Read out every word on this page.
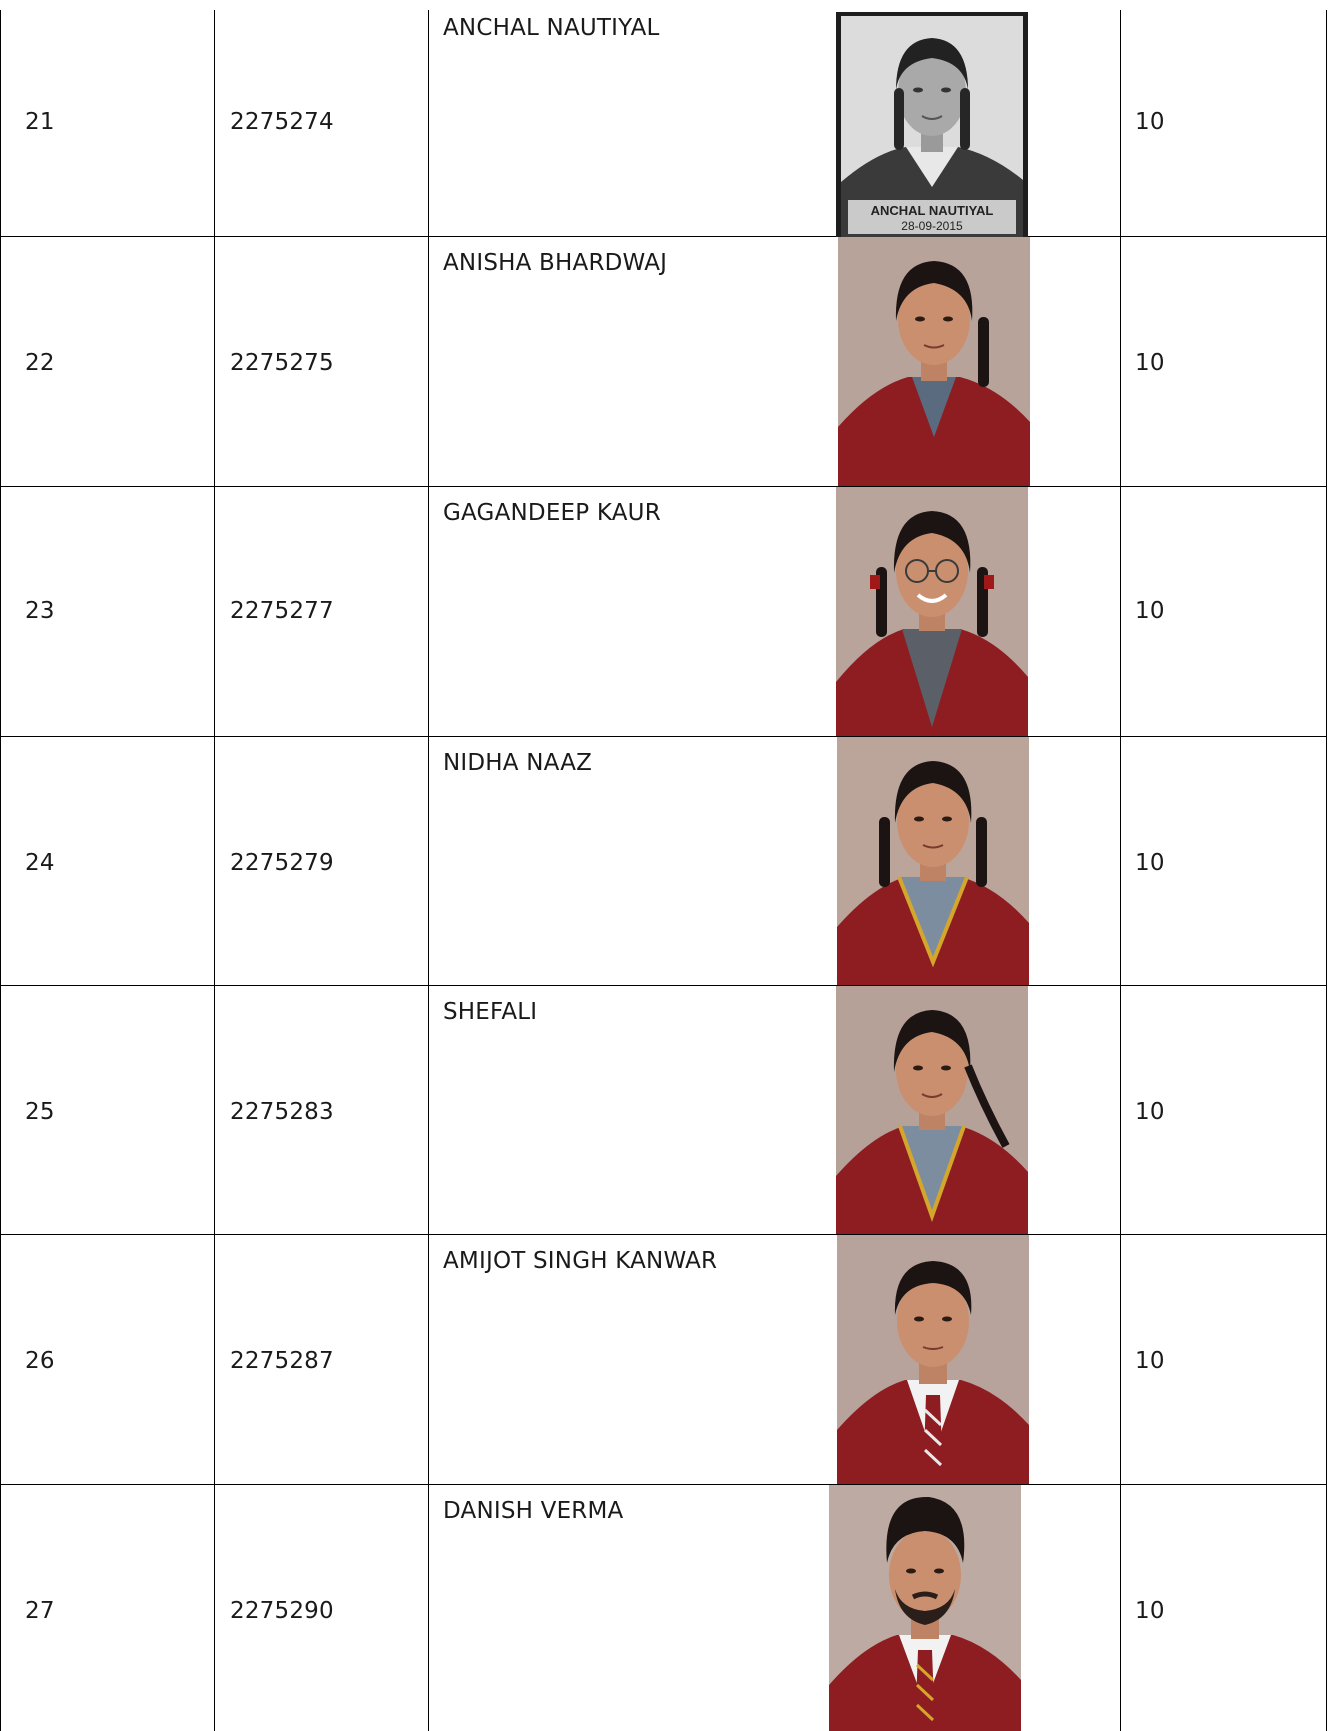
21	2275274
ANCHAL NAUTIYAL
ANCHAL NAUTIYAL
28-09-2015
10
22	2275275
ANISHA BHARDWAJ
10
23	2275277
GAGANDEEP KAUR
10
24	2275279
NIDHA NAAZ
10
25	2275283
SHEFALI
10
26	2275287
AMIJOT SINGH KANWAR
10
27	2275290
DANISH VERMA
10
